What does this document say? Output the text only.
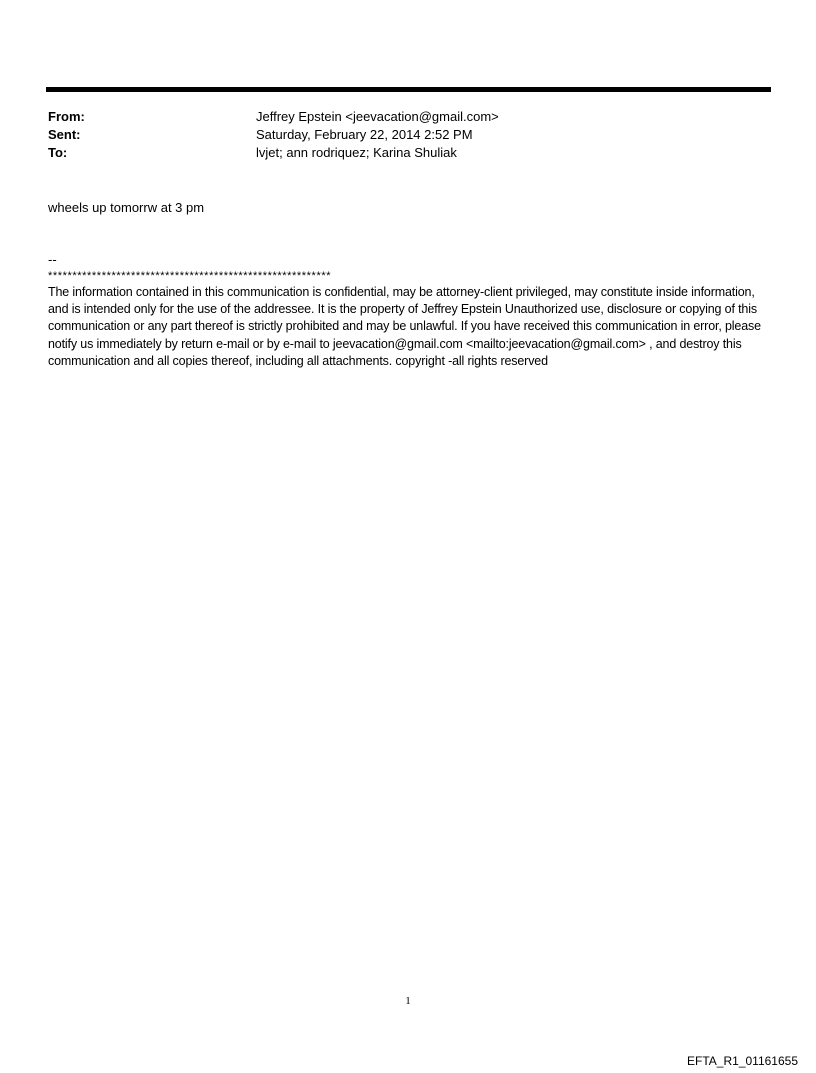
From:	Jeffrey Epstein <jeevacation@gmail.com>
Sent:	Saturday, February 22, 2014 2:52 PM
To:	lvjet; ann rodriquez; Karina Shuliak
wheels up tomorrw at 3 pm
--
**********************************************************
The information contained in this communication is confidential, may be attorney-client privileged, may constitute inside information, and is intended only for the use of the addressee. It is the property of Jeffrey Epstein Unauthorized use, disclosure or copying of this communication or any part thereof is strictly prohibited and may be unlawful. If you have received this communication in error, please notify us immediately by return e-mail or by e-mail to jeevacation@gmail.com <mailto:jeevacation@gmail.com> , and destroy this communication and all copies thereof, including all attachments. copyright -all rights reserved
1
EFTA_R1_01161655
